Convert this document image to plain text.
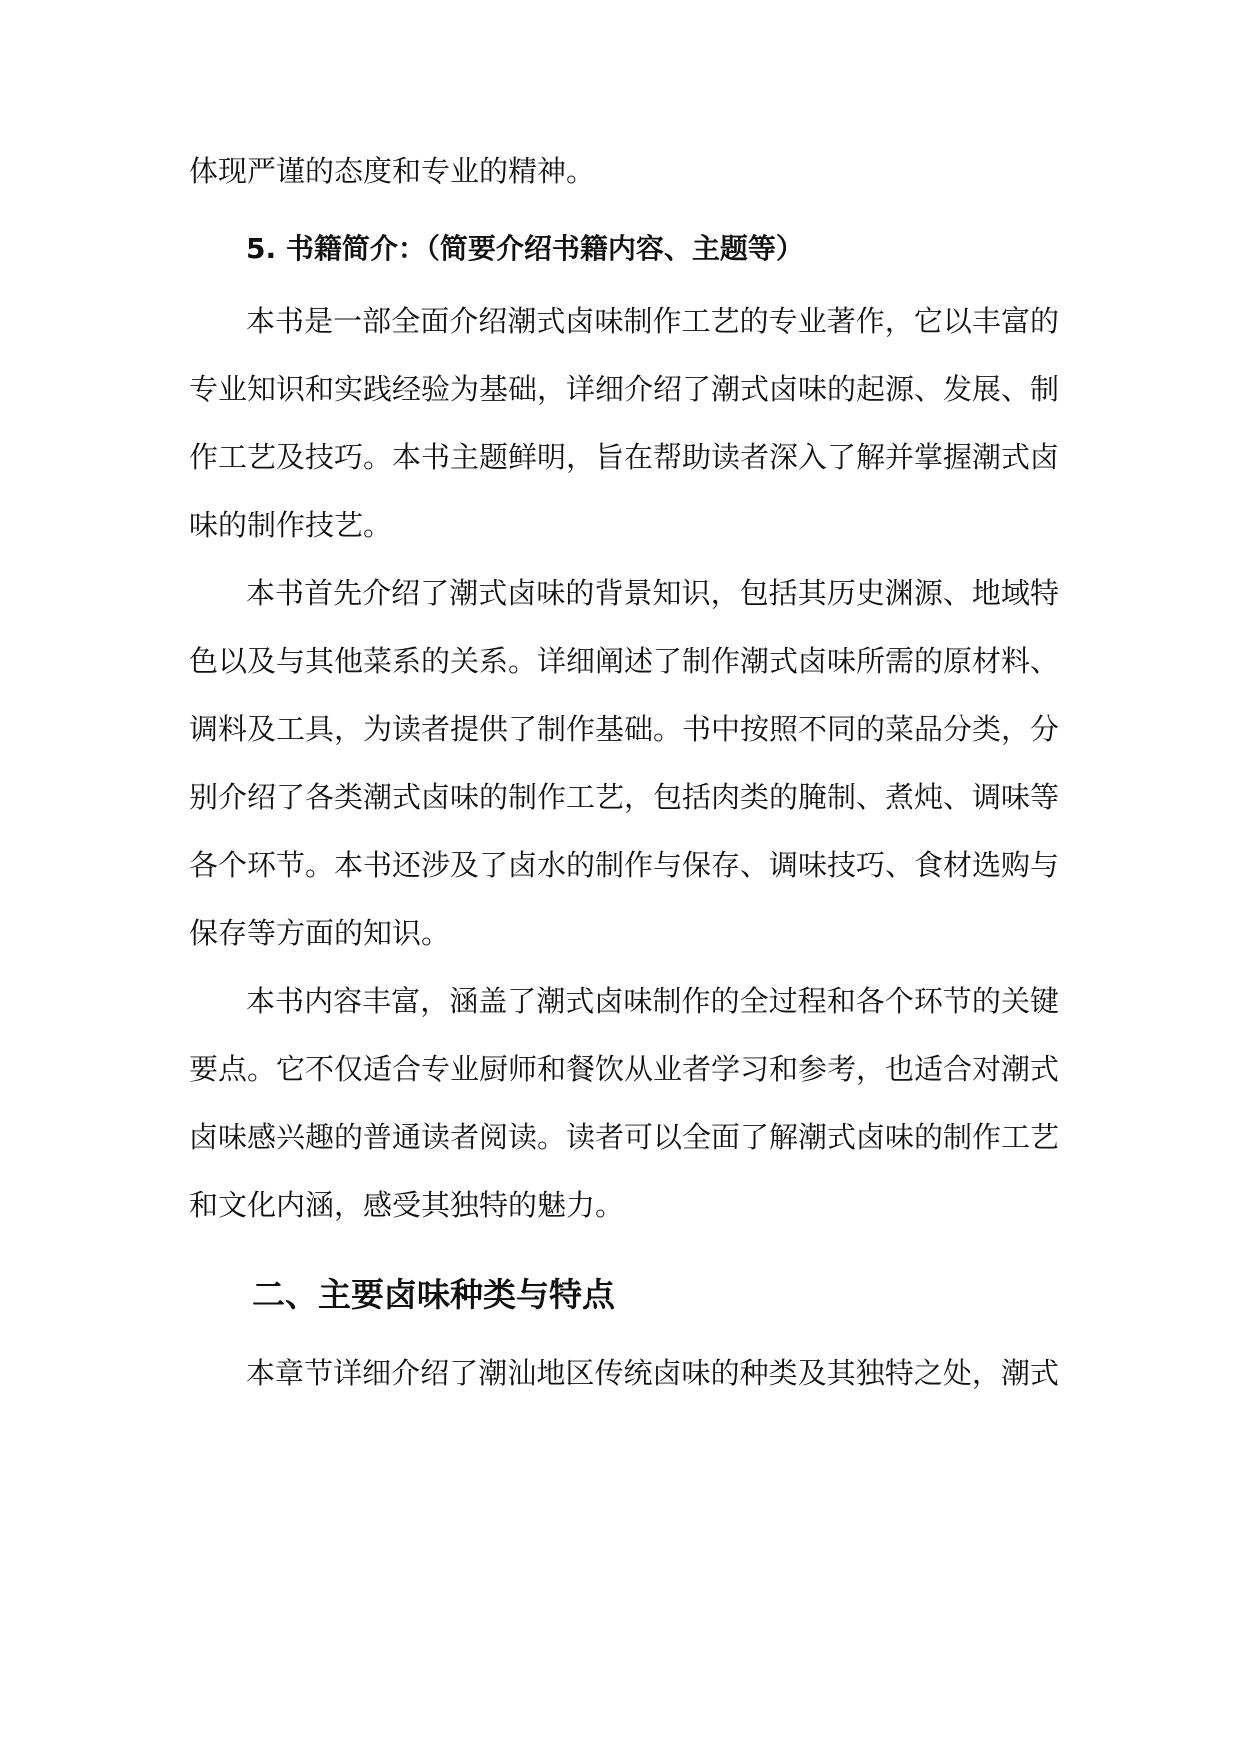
体现严谨的态度和专业的精神。
5. 书籍简介：（简要介绍书籍内容、主题等）
本书是一部全面介绍潮式卤味制作工艺的专业著作，它以丰富的
专业知识和实践经验为基础，详细介绍了潮式卤味的起源、发展、制
作工艺及技巧。本书主题鲜明，旨在帮助读者深入了解并掌握潮式卤
味的制作技艺。
本书首先介绍了潮式卤味的背景知识，包括其历史渊源、地域特
色以及与其他菜系的关系。详细阐述了制作潮式卤味所需的原材料、
调料及工具，为读者提供了制作基础。书中按照不同的菜品分类，分
别介绍了各类潮式卤味的制作工艺，包括肉类的腌制、煮炖、调味等
各个环节。本书还涉及了卤水的制作与保存、调味技巧、食材选购与
保存等方面的知识。
本书内容丰富，涵盖了潮式卤味制作的全过程和各个环节的关键
要点。它不仅适合专业厨师和餐饮从业者学习和参考，也适合对潮式
卤味感兴趣的普通读者阅读。读者可以全面了解潮式卤味的制作工艺
和文化内涵，感受其独特的魅力。
二、主要卤味种类与特点
本章节详细介绍了潮汕地区传统卤味的种类及其独特之处，潮式
